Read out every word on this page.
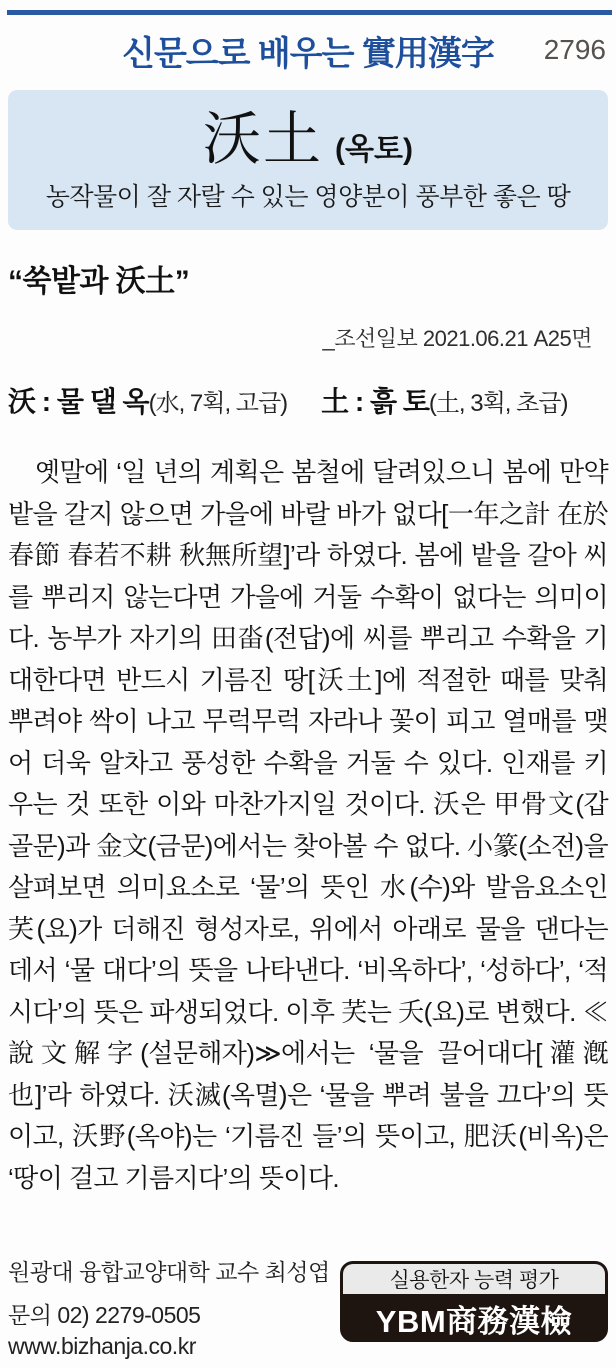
신문으로 배우는 實用漢字 2796
沃土 (옥토)
농작물이 잘 자랄 수 있는 영양분이 풍부한 좋은 땅
“쑥밭과 沃土”
_조선일보 2021.06.21 A25면
沃 : 물 댈 옥(水, 7획, 고급) 土 : 흙 토(土, 3획, 초급)
옛말에 ‘일 년의 계획은 봄철에 달려있으니 봄에 만약 밭을 갈지 않으면 가을에 바랄 바가 없다[一年之計 在於春節 春若不耕 秋無所望]’라 하였다. 봄에 밭을 갈아 씨를 뿌리지 않는다면 가을에 거둘 수확이 없다는 의미이다. 농부가 자기의 田畓(전답)에 씨를 뿌리고 수확을 기대한다면 반드시 기름진 땅[沃土]에 적절한 때를 맞춰 뿌려야 싹이 나고 무럭무럭 자라나 꽃이 피고 열매를 맺어 더욱 알차고 풍성한 수확을 거둘 수 있다. 인재를 키우는 것 또한 이와 마찬가지일 것이다. 沃은 甲骨文(갑골문)과 金文(금문)에서는 찾아볼 수 없다. 小篆(소전)을 살펴보면 의미요소로 ‘물’의 뜻인 水(수)와 발음요소인 芺(요)가 더해진 형성자로, 위에서 아래로 물을 댄다는 데서 ‘물 대다’의 뜻을 나타낸다. ‘비옥하다’, ‘성하다’, ‘적시다’의 뜻은 파생되었다. 이후 芺는 夭(요)로 변했다. ≪說文解字(설문해자)≫에서는 ‘물을 끌어대다[灌漑也]’라 하였다. 沃滅(옥멸)은 ‘물을 뿌려 불을 끄다’의 뜻이고, 沃野(옥야)는 ‘기름진 들’의 뜻이고, 肥沃(비옥)은 ‘땅이 걸고 기름지다’의 뜻이다.

원광대 융합교양대학 교수 최성엽

문의 02) 2279-0505

www.bizhanja.co.kr

실용한자 능력 평가
YBM商務漢檢
